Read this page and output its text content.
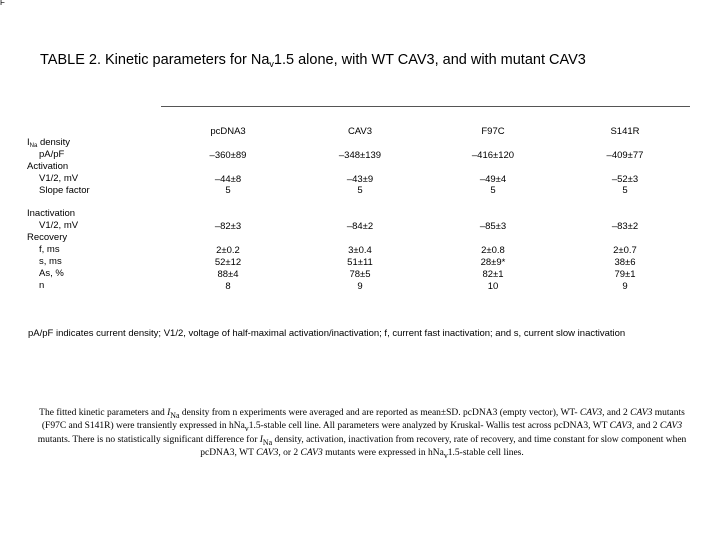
F
TABLE 2. Kinetic parameters for $Na_v1.5$ alone, with WT CAV3, and with mutant CAV3
$I_{Na}$ density
pA/pF
Activation
V1/2, mV
Slope factor
Inactivation
V1/2, mV
Recovery
f, ms
s, ms
As, %
n
pcDNA3
–360±89
–44±8
5
–82±3
2±0.2
52±12
88±4
8
CAV3
–348±139
–43±9
5
–84±2
3±0.4
51±11
78±5
9
F97C
–416±120
–49±4
5
–85±3
2±0.8
28±9*
82±1
10
S141R
–409±77
–52±3
5
–83±2
2±0.7
38±6
79±1
9
pA/pF indicates current density; V1/2, voltage of half-maximal activation/inactivation; f, current fast inactivation; and s, current slow inactivation
The fitted kinetic parameters and $I_{Na}$ density from n experiments were averaged and are reported as mean±SD. pcDNA3 (empty vector), WT- CAV3, and 2 CAV3 mutants (F97C and S141R) were transiently expressed in hNa$_v$1.5-stable cell line. All parameters were analyzed by Kruskal- Wallis test across pcDNA3, WT CAV3, and 2 CAV3 mutants. There is no statistically significant difference for $I_{Na}$ density, activation, inactivation from recovery, rate of recovery, and time constant for slow component when pcDNA3, WT CAV3, or 2 CAV3 mutants were expressed in hNa$_v$1.5-stable cell lines.
